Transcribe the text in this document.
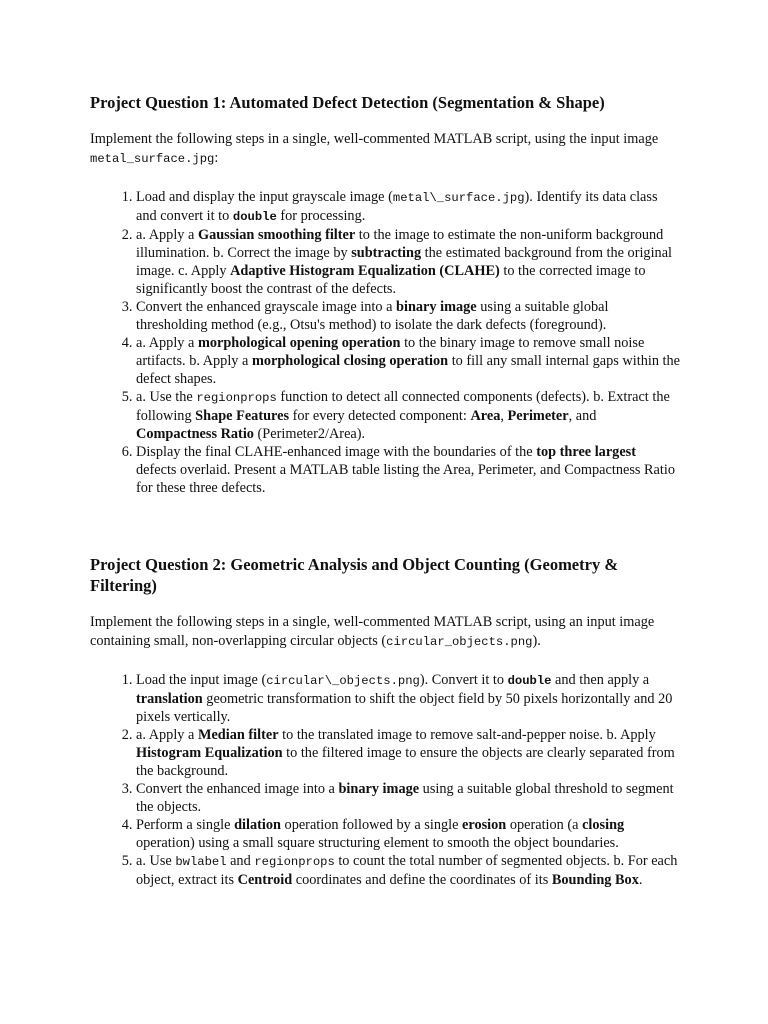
Project Question 1: Automated Defect Detection (Segmentation & Shape)

Implement the following steps in a single, well-commented MATLAB script, using the input image metal_surface.jpg:

1. Load and display the input grayscale image (metal\_surface.jpg). Identify its data class and convert it to double for processing.
2. a. Apply a Gaussian smoothing filter to the image to estimate the non-uniform background illumination. b. Correct the image by subtracting the estimated background from the original image. c. Apply Adaptive Histogram Equalization (CLAHE) to the corrected image to significantly boost the contrast of the defects.
3. Convert the enhanced grayscale image into a binary image using a suitable global thresholding method (e.g., Otsu's method) to isolate the dark defects (foreground).
4. a. Apply a morphological opening operation to the binary image to remove small noise artifacts. b. Apply a morphological closing operation to fill any small internal gaps within the defect shapes.
5. a. Use the regionprops function to detect all connected components (defects). b. Extract the following Shape Features for every detected component: Area, Perimeter, and Compactness Ratio (Perimeter2/Area).
6. Display the final CLAHE-enhanced image with the boundaries of the top three largest defects overlaid. Present a MATLAB table listing the Area, Perimeter, and Compactness Ratio for these three defects.
Project Question 2: Geometric Analysis and Object Counting (Geometry & Filtering)

Implement the following steps in a single, well-commented MATLAB script, using an input image containing small, non-overlapping circular objects (circular_objects.png).

1. Load the input image (circular\_objects.png). Convert it to double and then apply a translation geometric transformation to shift the object field by 50 pixels horizontally and 20 pixels vertically.
2. a. Apply a Median filter to the translated image to remove salt-and-pepper noise. b. Apply Histogram Equalization to the filtered image to ensure the objects are clearly separated from the background.
3. Convert the enhanced image into a binary image using a suitable global threshold to segment the objects.
4. Perform a single dilation operation followed by a single erosion operation (a closing operation) using a small square structuring element to smooth the object boundaries.
5. a. Use bwlabel and regionprops to count the total number of segmented objects. b. For each object, extract its Centroid coordinates and define the coordinates of its Bounding Box.
